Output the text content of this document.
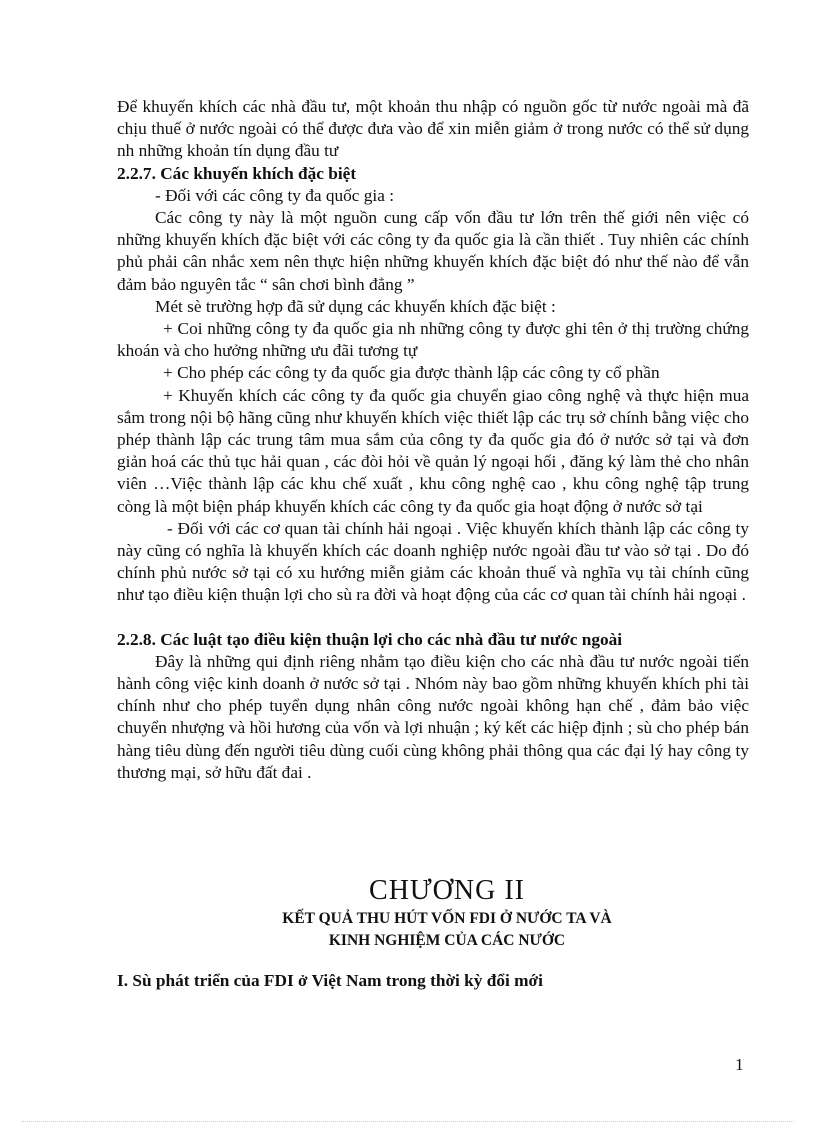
Để khuyến khích các nhà đầu tư, một khoản thu nhập có nguồn gốc từ nước ngoài mà đã chịu thuế ở nước ngoài có thể được đưa vào để xin miễn giảm ở trong nước có thể sử dụng nh những khoản tín dụng đầu tư

2.2.7. Các khuyến khích đặc biệt

- Đối với các công ty đa quốc gia :

Các công ty này là một nguồn cung cấp vốn đầu tư lớn trên thế giới nên việc có những khuyến khích đặc biệt với các công ty đa quốc gia là cần thiết . Tuy nhiên các chính phủ phải cân nhắc xem nên thực hiện những khuyến khích đặc biệt đó như thế nào để vẫn đảm bảo nguyên tắc “ sân chơi bình đẳng ”

Mét sè trường hợp đã sử dụng các khuyến khích đặc biệt :

+ Coi những công ty đa quốc gia nh những công ty được ghi tên ở thị trường chứng khoán và cho hưởng những ưu đãi tương tự

+ Cho phép các công ty đa quốc gia được thành lập các công ty cổ phần

+ Khuyến khích các công ty đa quốc gia chuyển giao công nghệ và thực hiện mua sắm trong nội bộ hãng cũng như khuyến khích việc thiết lập các trụ sở chính bằng việc cho phép thành lập các trung tâm mua sắm của công ty đa quốc gia đó ở nước sở tại và đơn giản hoá các thủ tục hải quan , các đòi hỏi về quản lý ngoại hối , đăng ký làm thẻ cho nhân viên …Việc thành lập các khu chế xuất , khu công nghệ cao , khu công nghệ tập trung còng là một biện pháp khuyến khích các công ty đa quốc gia hoạt động ở nước sở tại

- Đối với các cơ quan tài chính hải ngoại . Việc khuyến khích thành lập các công ty này cũng có nghĩa là khuyến khích các doanh nghiệp nước ngoài đầu tư vào sở tại . Do đó chính phủ nước sở tại có xu hướng miễn giảm các khoản thuế và nghĩa vụ tài chính cũng như tạo điều kiện thuận lợi cho sù ra đời và hoạt động của các cơ quan tài chính hải ngoại .

2.2.8. Các luật tạo điều kiện thuận lợi cho các nhà đầu tư nước ngoài

Đây là những qui định riêng nhằm tạo điều kiện cho các nhà đầu tư nước ngoài tiến hành công việc kinh doanh ở nước sở tại . Nhóm này bao gồm những khuyến khích phi tài chính như cho phép tuyển dụng nhân công nước ngoài không hạn chế , đảm bảo việc chuyển nhượng và hồi hương của vốn và lợi nhuận ; ký kết các hiệp định ; sù cho phép bán hàng tiêu dùng đến người tiêu dùng cuối cùng không phải thông qua các đại lý hay công ty thương mại, sở hữu đất đai .

CHƯƠNG II
KẾT QUẢ THU HÚT VỐN FDI Ở NƯỚC TA VÀ
KINH NGHIỆM CỦA CÁC NƯỚC
I. Sù phát triển của FDI ở Việt Nam trong thời kỳ đổi mới
1
